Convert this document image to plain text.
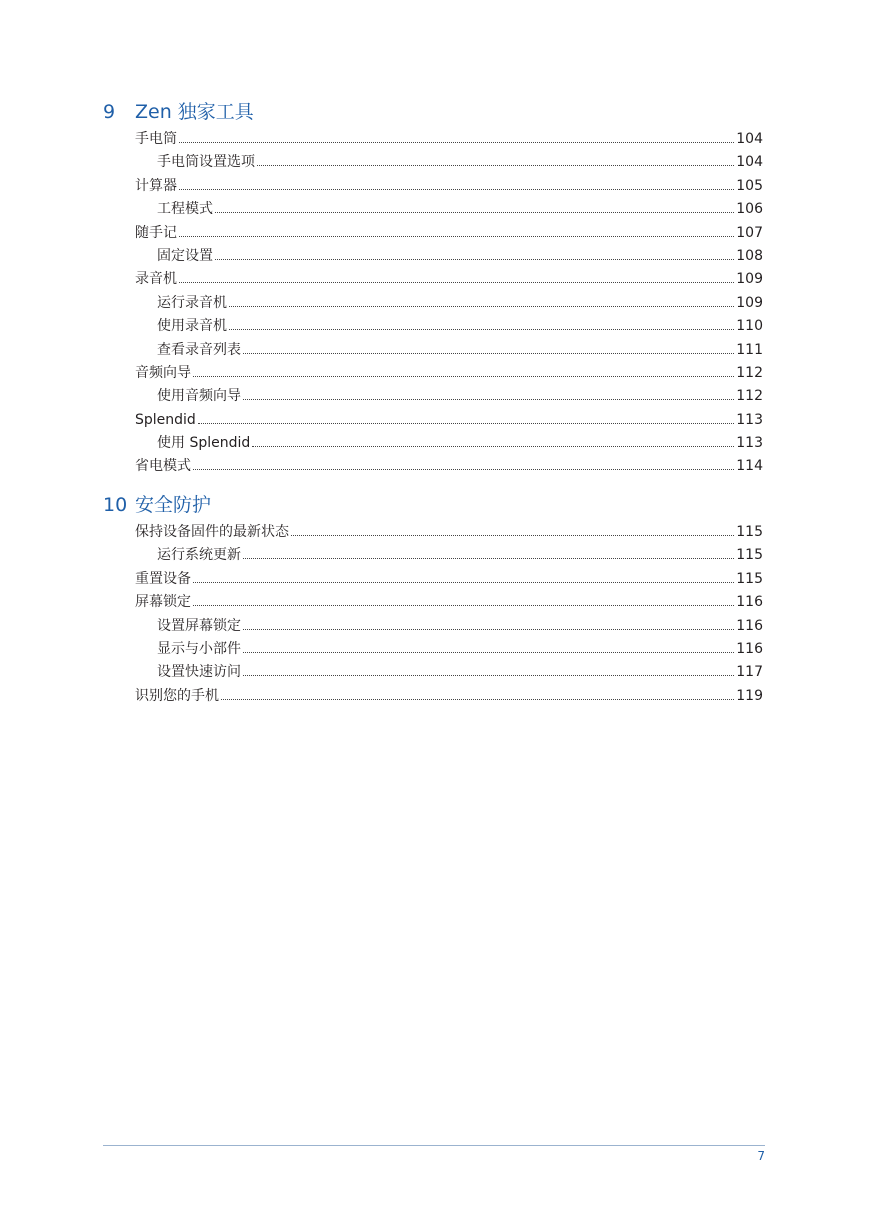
9	Zen 独家工具
手电筒	104
手电筒设置选项	104
计算器	105
工程模式	106
随手记	107
固定设置	108
录音机	109
运行录音机	109
使用录音机	110
查看录音列表	111
音频向导	112
使用音频向导	112
Splendid	113
使用 Splendid	113
省电模式	114
10 安全防护
保持设备固件的最新状态	115
运行系统更新	115
重置设备	115
屏幕锁定	116
设置屏幕锁定	116
显示与小部件	116
设置快速访问	117
识别您的手机	119
7
